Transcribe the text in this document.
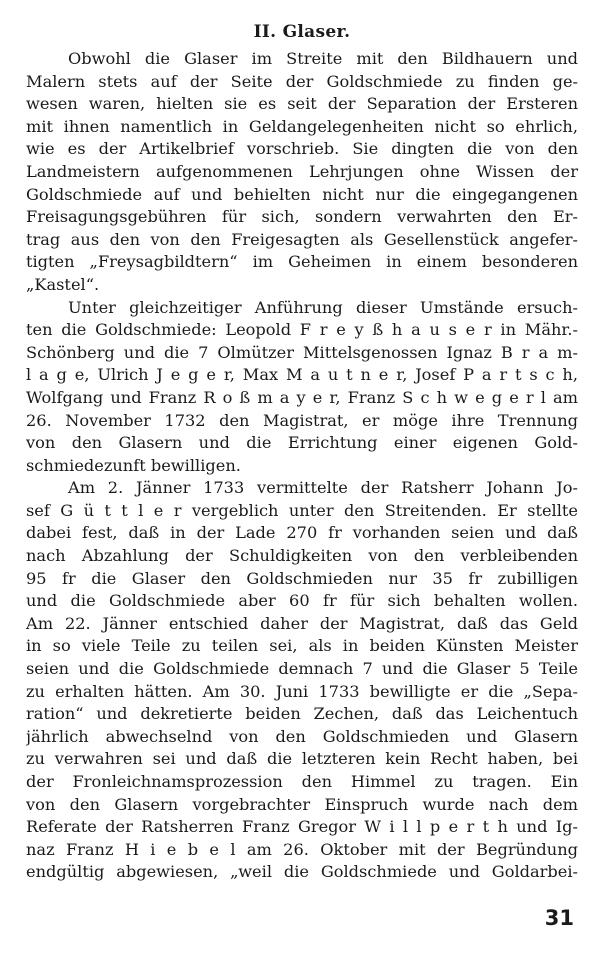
II. Glaser.
Obwohl die Glaser im Streite mit den Bildhauern und
Malern stets auf der Seite der Goldschmiede zu finden ge-
wesen waren, hielten sie es seit der Separation der Ersteren
mit ihnen namentlich in Geldangelegenheiten nicht so ehrlich,
wie es der Artikelbrief vorschrieb. Sie dingten die von den
Landmeistern aufgenommenen Lehrjungen ohne Wissen der
Goldschmiede auf und behielten nicht nur die eingegangenen
Freisagungsgebühren für sich, sondern verwahrten den Er-
trag aus den von den Freigesagten als Gesellenstück angefer-
tigten „Freysagbildtern“ im Geheimen in einem besonderen
„Kastel“.
Unter gleichzeitiger Anführung dieser Umstände ersuch-
ten die Goldschmiede: Leopold F r e y ß h a u s e r in Mähr.-
Schönberg und die 7 Olmützer Mittelsgenossen Ignaz B r a m-
l a g e, Ulrich J e g e r, Max M a u t n e r, Josef P a r t s c h,
Wolfgang und Franz R o ß m a y e r, Franz S c h w e g e r l am
26. November 1732 den Magistrat, er möge ihre Trennung
von den Glasern und die Errichtung einer eigenen Gold-
schmiedezunft bewilligen.
Am 2. Jänner 1733 vermittelte der Ratsherr Johann Jo-
sef G ü t t l e r vergeblich unter den Streitenden. Er stellte
dabei fest, daß in der Lade 270 fr vorhanden seien und daß
nach Abzahlung der Schuldigkeiten von den verbleibenden
95 fr die Glaser den Goldschmieden nur 35 fr zubilligen
und die Goldschmiede aber 60 fr für sich behalten wollen.
Am 22. Jänner entschied daher der Magistrat, daß das Geld
in so viele Teile zu teilen sei, als in beiden Künsten Meister
seien und die Goldschmiede demnach 7 und die Glaser 5 Teile
zu erhalten hätten. Am 30. Juni 1733 bewilligte er die „Sepa-
ration“ und dekretierte beiden Zechen, daß das Leichentuch
jährlich abwechselnd von den Goldschmieden und Glasern
zu verwahren sei und daß die letzteren kein Recht haben, bei
der Fronleichnamsprozession den Himmel zu tragen. Ein
von den Glasern vorgebrachter Einspruch wurde nach dem
Referate der Ratsherren Franz Gregor W i l l p e r t h und Ig-
naz Franz H i e b e l am 26. Oktober mit der Begründung
endgültig abgewiesen, „weil die Goldschmiede und Goldarbei-
31
